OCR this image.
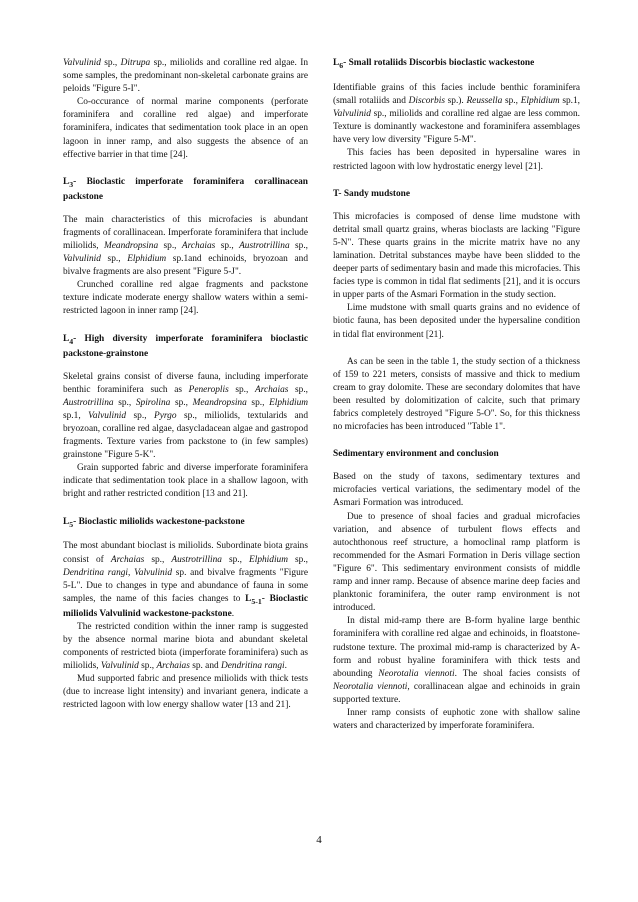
Valvulinid sp., Ditrupa sp., miliolids and coralline red algae. In some samples, the predominant non-skeletal carbonate grains are peloids "Figure 5-I".

Co-occurance of normal marine components (perforate foraminifera and coralline red algae) and imperforate foraminifera, indicates that sedimentation took place in an open lagoon in inner ramp, and also suggests the absence of an effective barrier in that time [24].

$L_3-$ Bioclastic imperforate foraminifera corallinacean packstone

The main characteristics of this microfacies is abundant fragments of corallinacean. Imperforate foraminifera that include miliolids, Meandropsina sp., Archaias sp., Austrotrillina sp., Valvulinid sp., Elphidium sp.1and echinoids, bryozoan and bivalve fragments are also present "Figure 5-J".

Crunched coralline red algae fragments and packstone texture indicate moderate energy shallow waters within a semi-restricted lagoon in inner ramp [24].

$L_4-$ High diversity imperforate foraminifera bioclastic packstone-grainstone

Skeletal grains consist of diverse fauna, including imperforate benthic foraminifera such as Peneroplis sp., Archaias sp., Austrotrillina sp., Spirolina sp., Meandropsina sp., Elphidium sp.1, Valvulinid sp., Pyrgo sp., miliolids, textularids and bryozoan, coralline red algae, dasycladacean algae and gastropod fragments. Texture varies from packstone to (in few samples) grainstone "Figure 5-K".

Grain supported fabric and diverse imperforate foraminifera indicate that sedimentation took place in a shallow lagoon, with bright and rather restricted condition [13 and 21].

$L_5-$ Bioclastic miliolids wackestone-packstone

The most abundant bioclast is miliolids. Subordinate biota grains consist of Archaias sp., Austrotrillina sp., Elphidium sp., Dendritina rangi, Valvulinid sp. and bivalve fragments "Figure 5-L". Due to changes in type and abundance of fauna in some samples, the name of this facies changes to $L_{5-1}-$ Bioclastic miliolids Valvulinid wackestone-packstone.

The restricted condition within the inner ramp is suggested by the absence normal marine biota and abundant skeletal components of restricted biota (imperforate foraminifera) such as miliolids, Valvulinid sp., Archaias sp. and Dendritina rangi.

Mud supported fabric and presence miliolids with thick tests (due to increase light intensity) and invariant genera, indicate a restricted lagoon with low energy shallow water [13 and 21].

$L_6-$ Small rotaliids Discorbis bioclastic wackestone

Identifiable grains of this facies include benthic foraminifera (small rotaliids and Discorbis sp.). Reussella sp., Elphidium sp.1, Valvulinid sp., miliolids and coralline red algae are less common. Texture is dominantly wackestone and foraminifera assemblages have very low diversity "Figure 5-M".

This facies has been deposited in hypersaline wares in restricted lagoon with low hydrostatic energy level [21].

T- Sandy mudstone

This microfacies is composed of dense lime mudstone with detrital small quartz grains, wheras bioclasts are lacking "Figure 5-N". These quarts grains in the micrite matrix have no any lamination. Detrital substances maybe have been slidded to the deeper parts of sedimentary basin and made this microfacies. This facies type is common in tidal flat sediments [21], and it is occurs in upper parts of the Asmari Formation in the study section.

Lime mudstone with small quarts grains and no evidence of biotic fauna, has been deposited under the hypersaline condition in tidal flat environment [21].

As can be seen in the table 1, the study section of a thickness of 159 to 221 meters, consists of massive and thick to medium cream to gray dolomite. These are secondary dolomites that have been resulted by dolomitization of calcite, such that primary fabrics completely destroyed "Figure 5-O". So, for this thickness no microfacies has been introduced "Table 1".

Sedimentary environment and conclusion

Based on the study of taxons, sedimentary textures and microfacies vertical variations, the sedimentary model of the Asmari Formation was introduced.

Due to presence of shoal facies and gradual microfacies variation, and absence of turbulent flows effects and autochthonous reef structure, a homoclinal ramp platform is recommended for the Asmari Formation in Deris village section "Figure 6". This sedimentary environment consists of middle ramp and inner ramp. Because of absence marine deep facies and planktonic foraminifera, the outer ramp environment is not introduced.

In distal mid-ramp there are B-form hyaline large benthic foraminifera with coralline red algae and echinoids, in floatstone-rudstone texture. The proximal mid-ramp is characterized by A-form and robust hyaline foraminifera with thick tests and abounding Neorotalia viennoti. The shoal facies consists of Neorotalia viennoti, corallinacean algae and echinoids in grain supported texture.

Inner ramp consists of euphotic zone with shallow saline waters and characterized by imperforate foraminifera.

4
